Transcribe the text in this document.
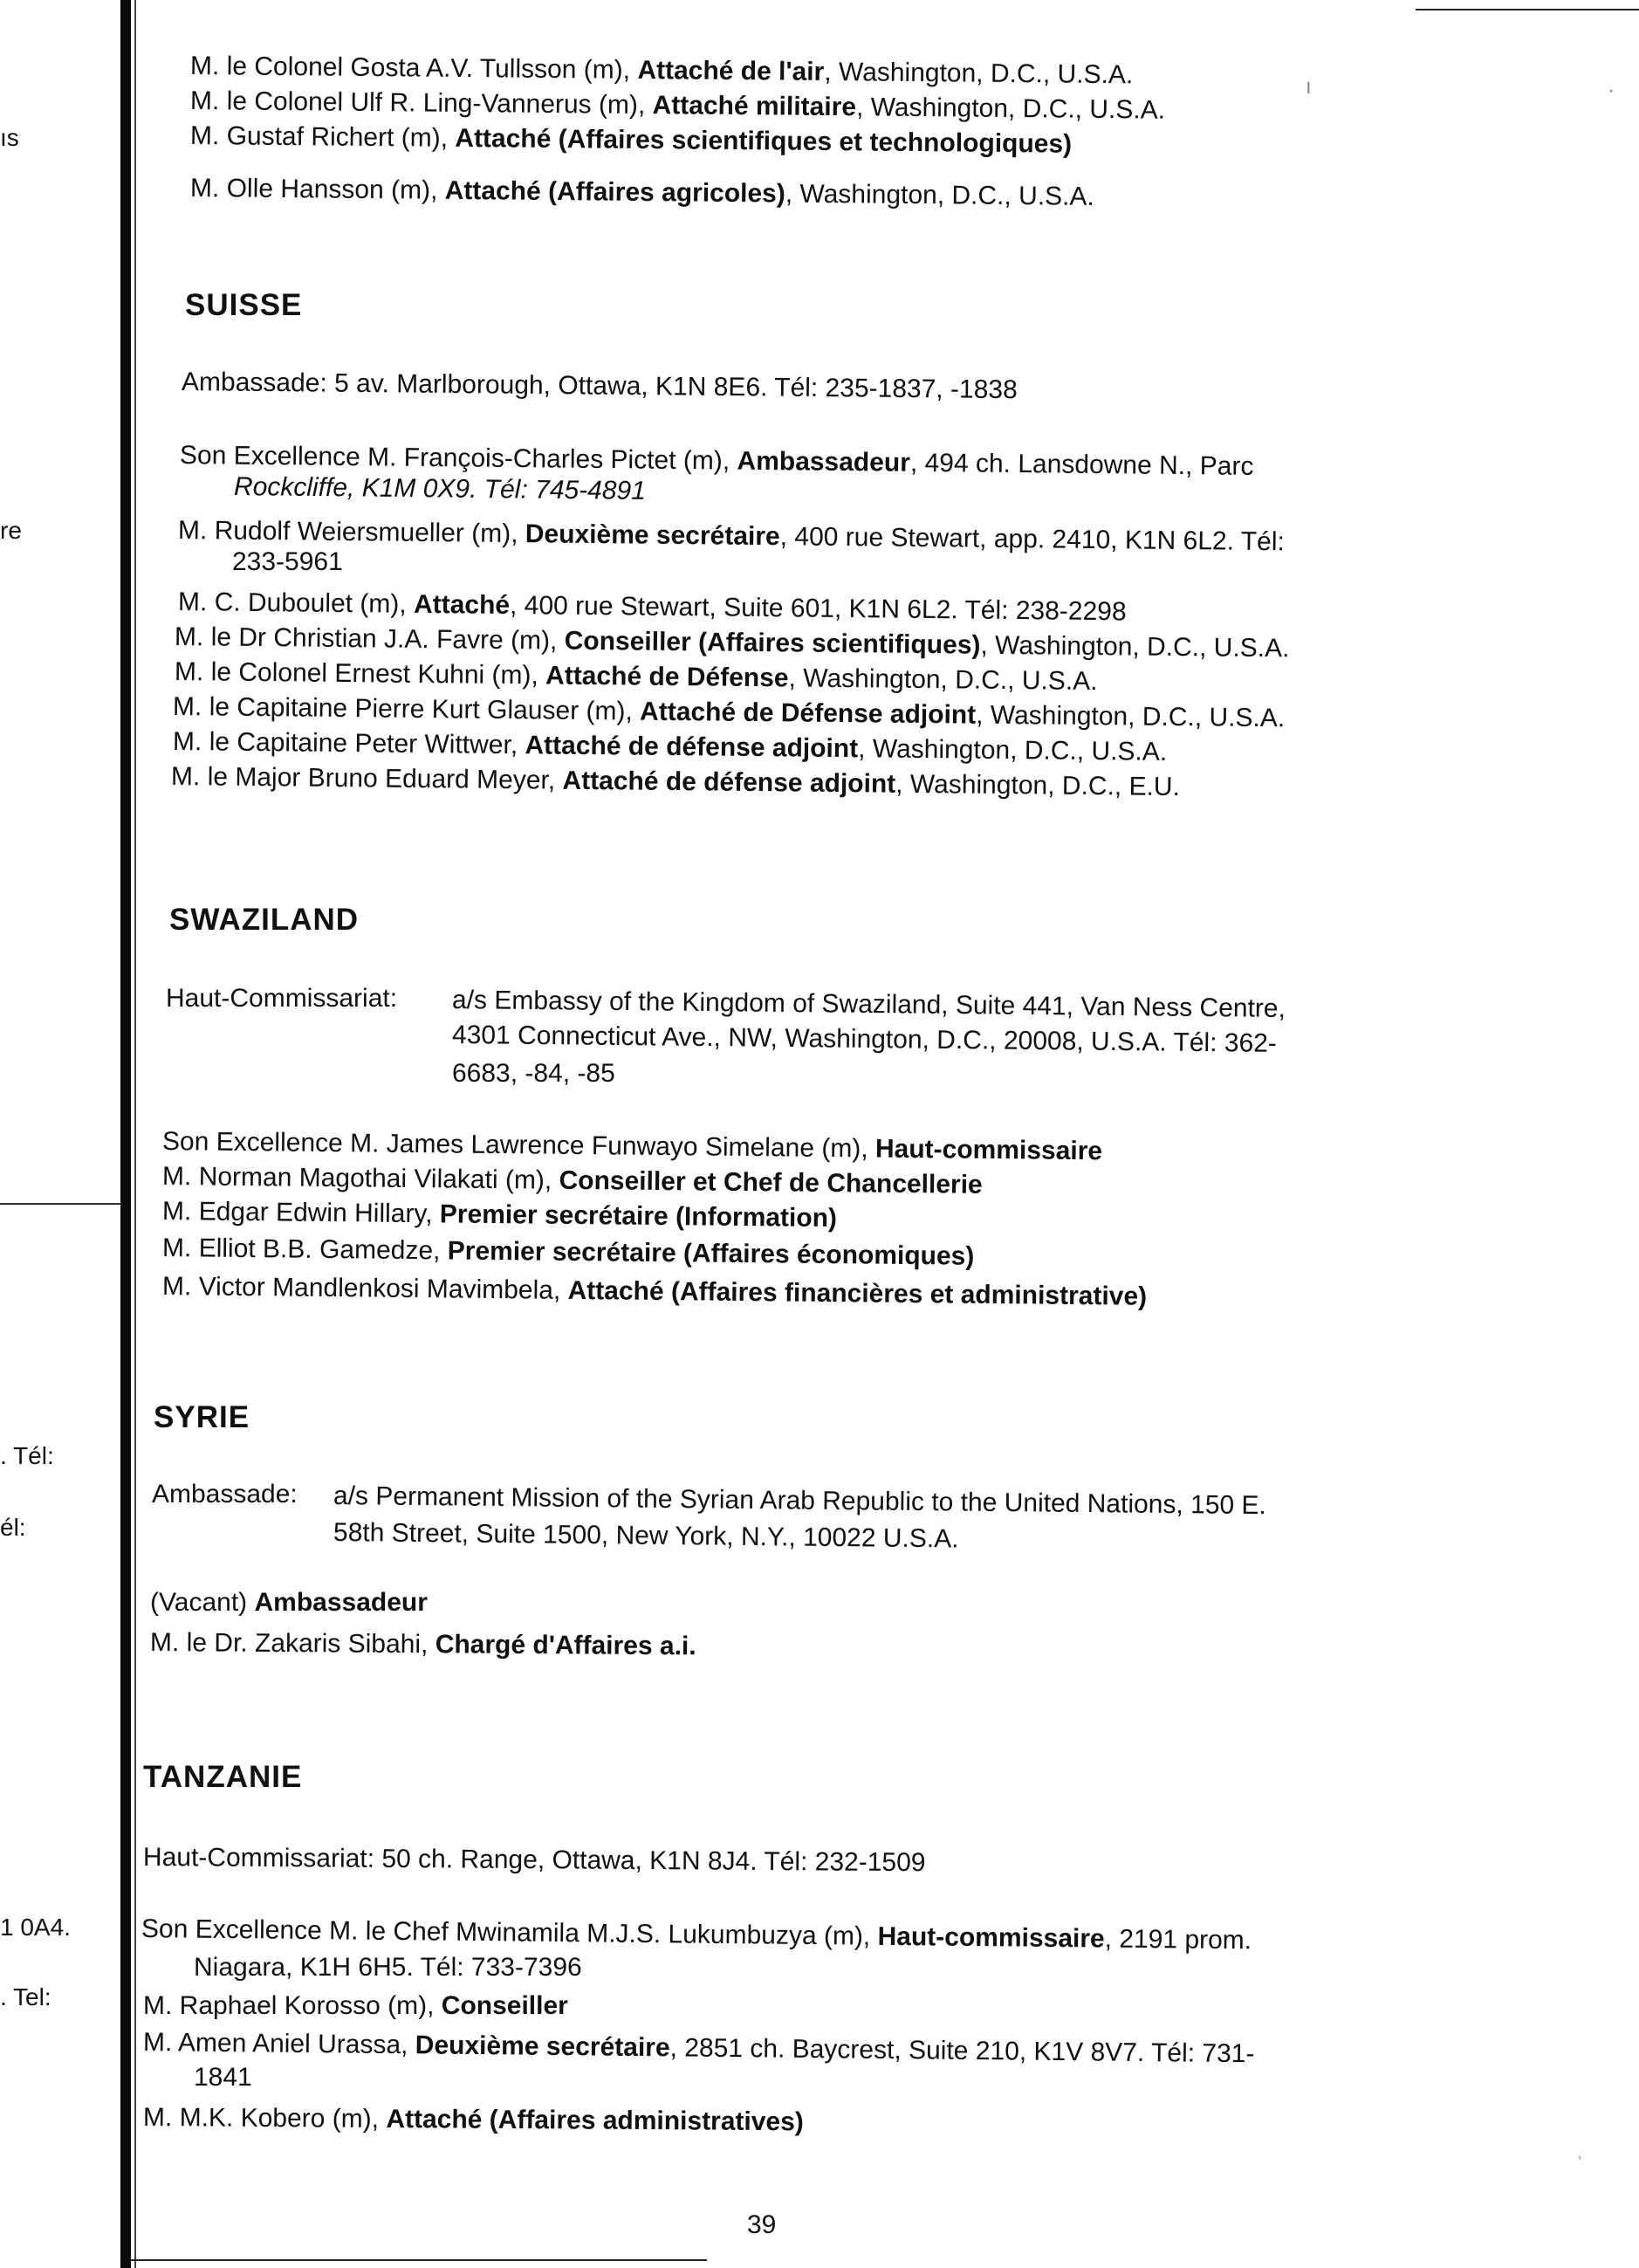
ı	·
˒
ıs
re
. Tél:
él:
1 0A4.
. Tel:
M. le Colonel Gosta A.V. Tullsson (m), Attaché de l'air, Washington, D.C., U.S.A.
M. le Colonel Ulf R. Ling-Vannerus (m), Attaché militaire, Washington, D.C., U.S.A.
M. Gustaf Richert (m), Attaché (Affaires scientifiques et technologiques)
M. Olle Hansson (m), Attaché (Affaires agricoles), Washington, D.C., U.S.A.
SUISSE
Ambassade: 5 av. Marlborough, Ottawa, K1N 8E6. Tél: 235-1837, -1838
Son Excellence M. François-Charles Pictet (m), Ambassadeur, 494 ch. Lansdowne N., Parc
Rockcliffe, K1M 0X9. Tél: 745-4891
M. Rudolf Weiersmueller (m), Deuxième secrétaire, 400 rue Stewart, app. 2410, K1N 6L2. Tél:
233-5961
M. C. Duboulet (m), Attaché, 400 rue Stewart, Suite 601, K1N 6L2. Tél: 238-2298
M. le Dr Christian J.A. Favre (m), Conseiller (Affaires scientifiques), Washington, D.C., U.S.A.
M. le Colonel Ernest Kuhni (m), Attaché de Défense, Washington, D.C., U.S.A.
M. le Capitaine Pierre Kurt Glauser (m), Attaché de Défense adjoint, Washington, D.C., U.S.A.
M. le Capitaine Peter Wittwer, Attaché de défense adjoint, Washington, D.C., U.S.A.
M. le Major Bruno Eduard Meyer, Attaché de défense adjoint, Washington, D.C., E.U.
SWAZILAND
Haut-Commissariat: a/s Embassy of the Kingdom of Swaziland, Suite 441, Van Ness Centre,
4301 Connecticut Ave., NW, Washington, D.C., 20008, U.S.A. Tél: 362-
6683, -84, -85
Son Excellence M. James Lawrence Funwayo Simelane (m), Haut-commissaire
M. Norman Magothai Vilakati (m), Conseiller et Chef de Chancellerie
M. Edgar Edwin Hillary, Premier secrétaire (Information)
M. Elliot B.B. Gamedze, Premier secrétaire (Affaires économiques)
M. Victor Mandlenkosi Mavimbela, Attaché (Affaires financières et administrative)
SYRIE
Ambassade: a/s Permanent Mission of the Syrian Arab Republic to the United Nations, 150 E.
58th Street, Suite 1500, New York, N.Y., 10022 U.S.A.
(Vacant) Ambassadeur
M. le Dr. Zakaris Sibahi, Chargé d'Affaires a.i.
TANZANIE
Haut-Commissariat: 50 ch. Range, Ottawa, K1N 8J4. Tél: 232-1509
Son Excellence M. le Chef Mwinamila M.J.S. Lukumbuzya (m), Haut-commissaire, 2191 prom.
Niagara, K1H 6H5. Tél: 733-7396
M. Raphael Korosso (m), Conseiller
M. Amen Aniel Urassa, Deuxième secrétaire, 2851 ch. Baycrest, Suite 210, K1V 8V7. Tél: 731-
1841
M. M.K. Kobero (m), Attaché (Affaires administratives)
39
